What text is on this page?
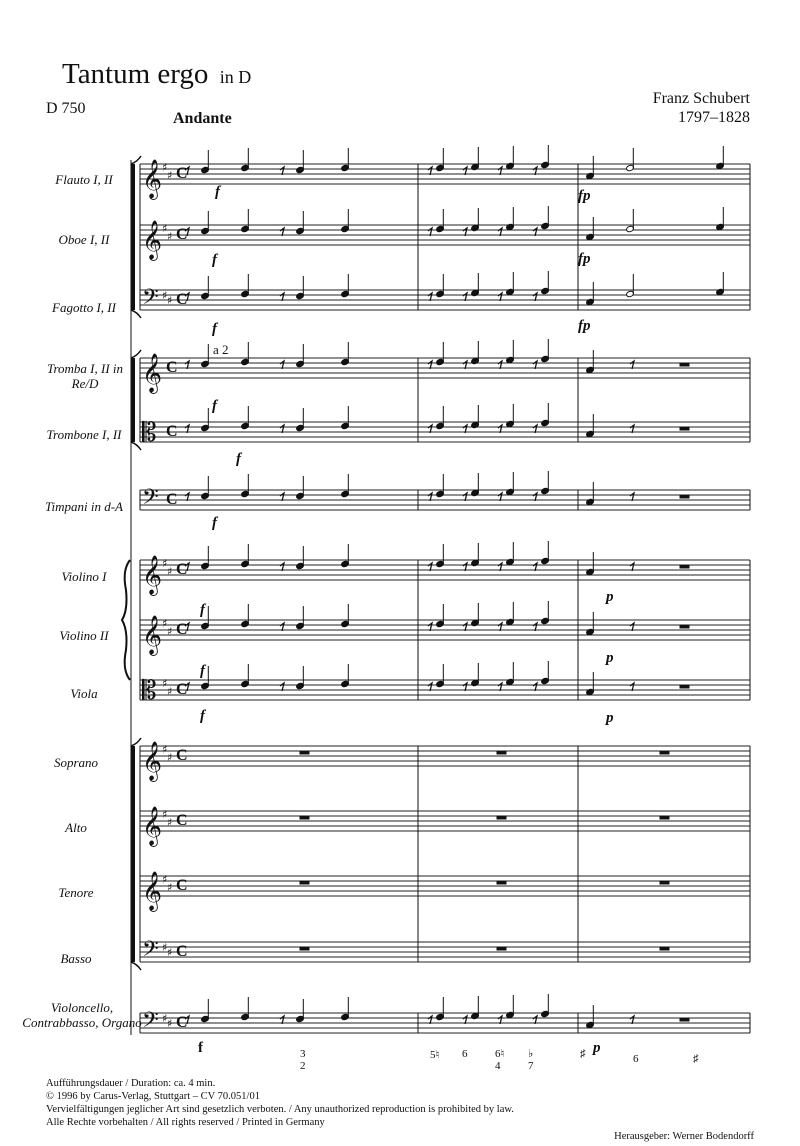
Tantum ergo in D
D 750
Franz Schubert
1797–1828
Andante
Flauto I, II
Oboe I, II
Fagotto I, II
Tromba I, II in Re/D
Trombone I, II
Timpani in d-A
Violino I
Violino II
Viola
Soprano
Alto
Tenore
Basso
Violoncello, Contrabbasso, Organo
𝄞 ♯
♯ C
𝄞 ♯
♯ C
𝄢 ♯ ♯ C
𝄞 C
𝄡 C
𝄢 C
𝄞 ♯
♯ C
𝄞 ♯
♯ C
𝄡 ♯
♯ C
𝄞 ♯
♯ C
𝄞 ♯
♯ C
𝄞 ♯
♯ C
𝄢 ♯ ♯ C
𝄢 ♯ ♯ C
f
f
f
f
f
f
f
f
f
fp
fp
fp
p
p
p
a 2
f	p
3
2
5♮ 6	6♮
4
♭
7
♯	6	♯
Aufführungsdauer / Duration: ca. 4 min.
© 1996 by Carus-Verlag, Stuttgart – CV 70.051/01
Vervielfältigungen jeglicher Art sind gesetzlich verboten. / Any unauthorized reproduction is prohibited by law.
Alle Rechte vorbehalten / All rights reserved / Printed in Germany
Herausgeber: Werner Bodendorff
